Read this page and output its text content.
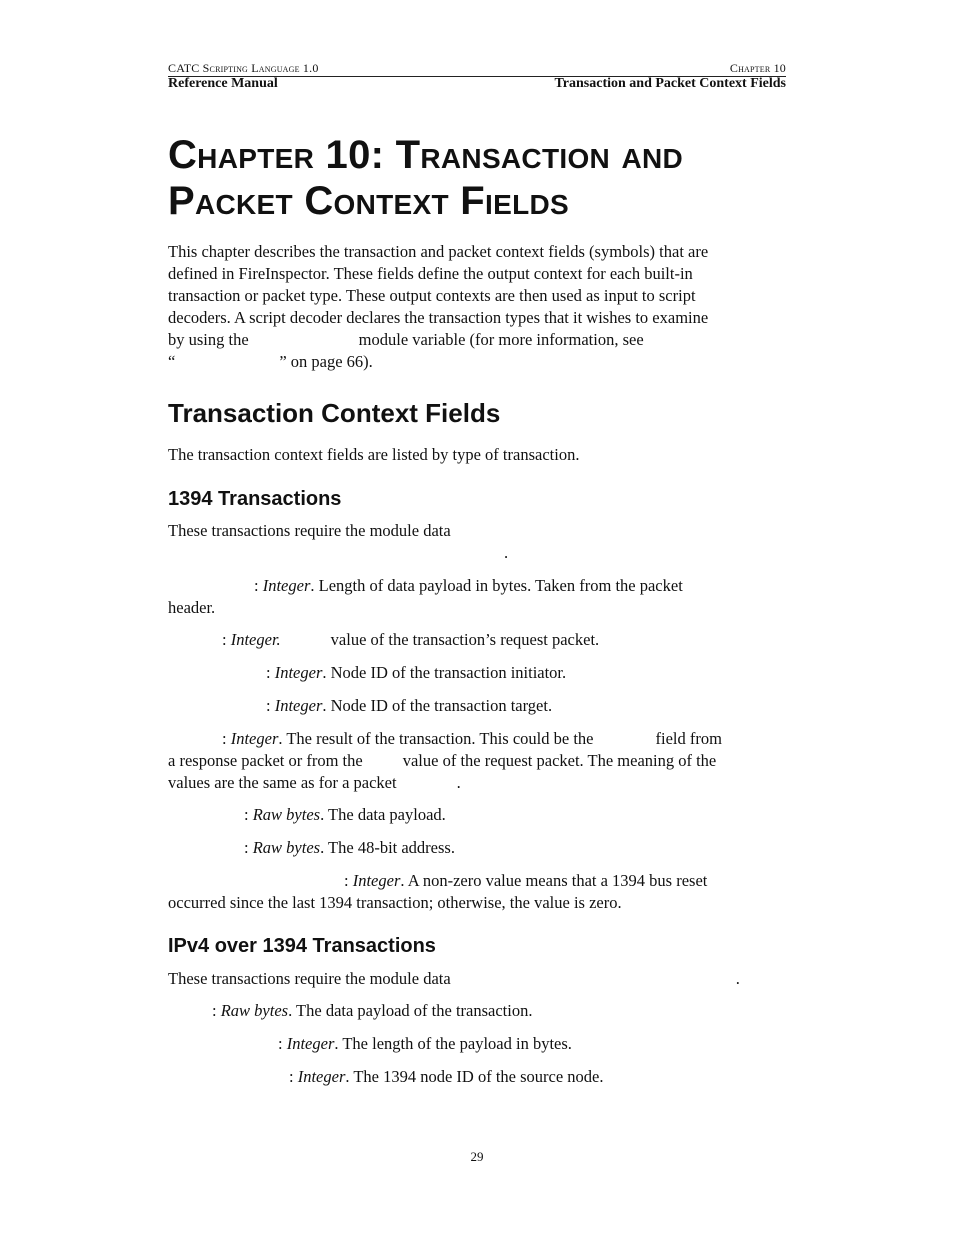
CATC Scripting Language 1.0	Chapter 10
Reference Manual	Transaction and Packet Context Fields
Chapter 10: Transaction and
Packet Context Fields
This chapter describes the transaction and packet context fields (symbols) that are
defined in FireInspector. These fields define the output context for each built-in
transaction or packet type. These output contexts are then used as input to script
decoders. A script decoder declares the transaction types that it wishes to examine
by using the	module variable (for more information, see
“	” on page 66).
Transaction Context Fields

The transaction context fields are listed by type of transaction.

1394 Transactions
These transactions require the module data
.
: Integer. Length of data payload in bytes. Taken from the packet
header.
: Integer.	value of the transaction’s request packet.
: Integer. Node ID of the transaction initiator.
: Integer. Node ID of the transaction target.
: Integer. The result of the transaction. This could be the	field from
a response packet or from the value of the request packet. The meaning of the
values are the same as for a packet	.
: Raw bytes. The data payload.
: Raw bytes. The 48-bit address.
: Integer. A non-zero value means that a 1394 bus reset
occurred since the last 1394 transaction; otherwise, the value is zero.
IPv4 over 1394 Transactions
These transactions require the module data	.
: Raw bytes. The data payload of the transaction.
: Integer. The length of the payload in bytes.
: Integer. The 1394 node ID of the source node.
29
